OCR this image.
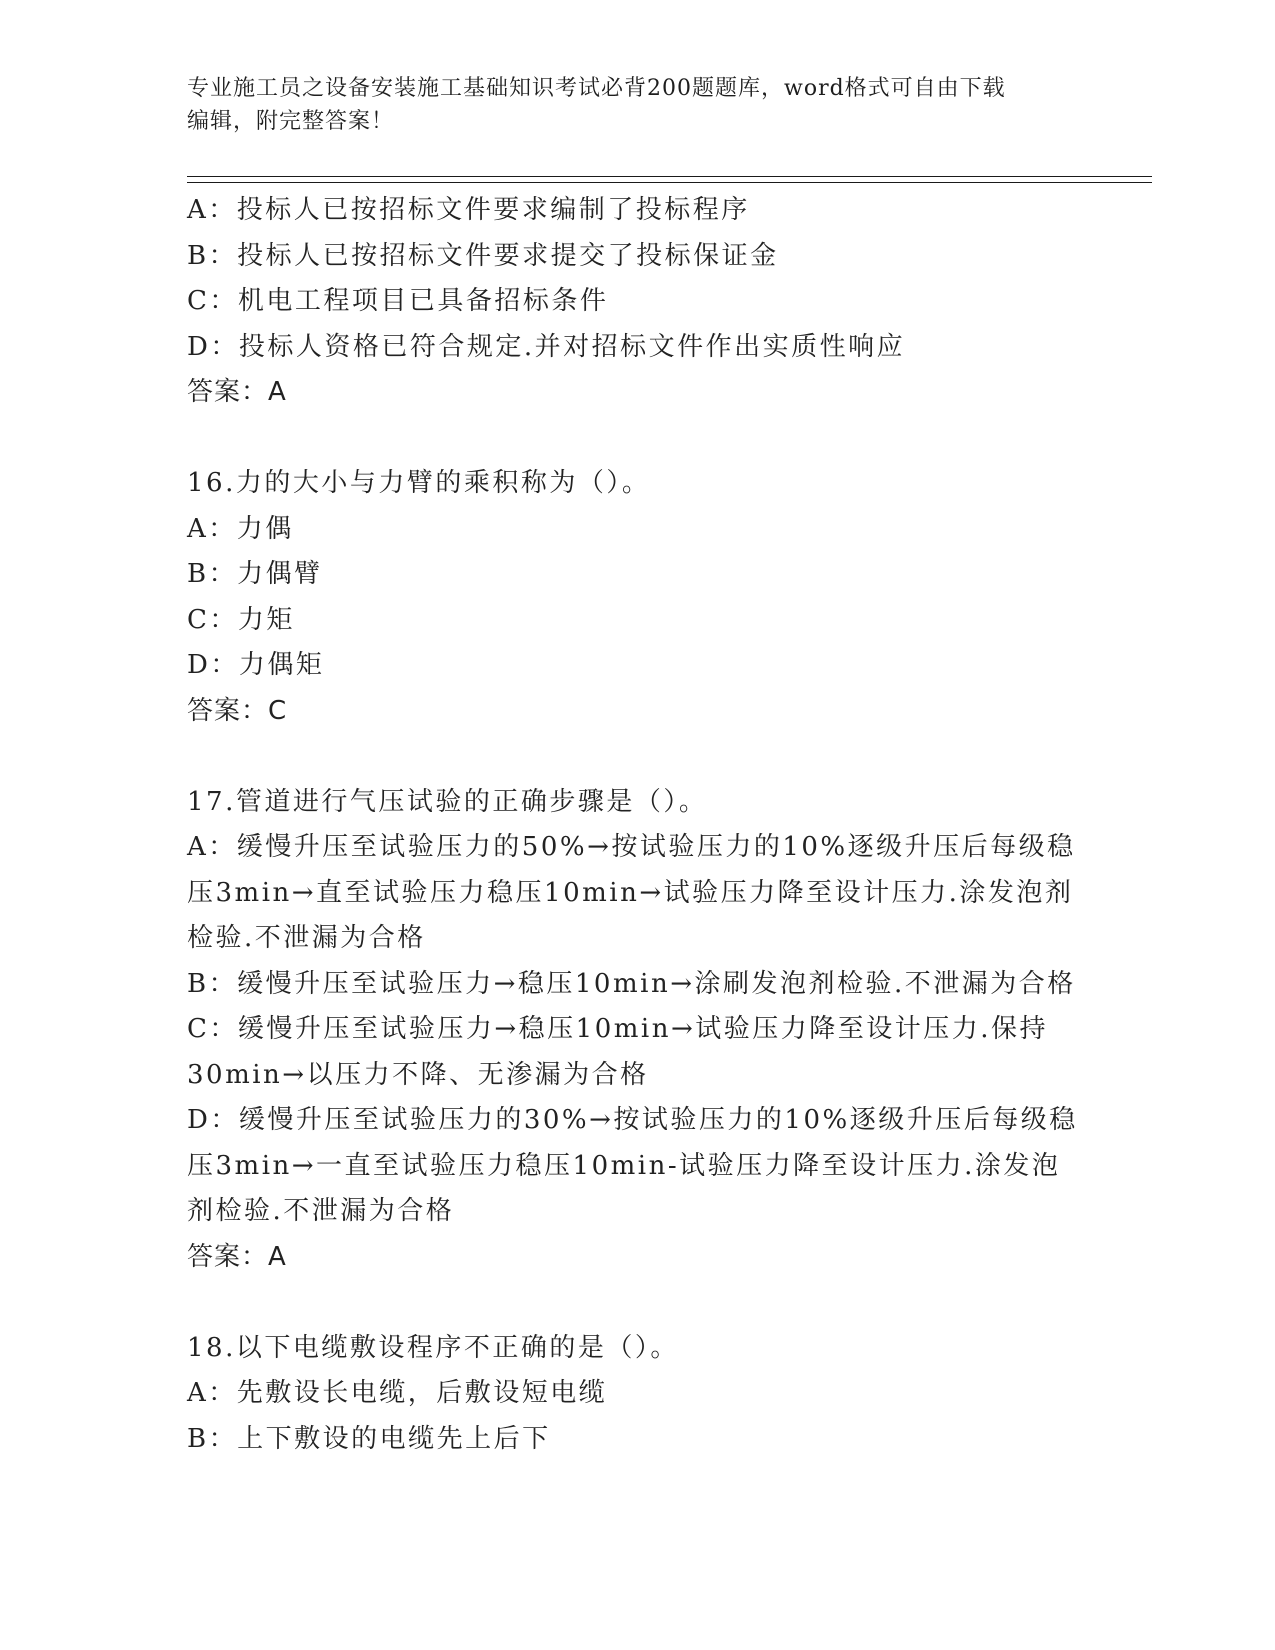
专业施工员之设备安装施工基础知识考试必背200题题库，word格式可自由下载
编辑，附完整答案！
A：投标人已按招标文件要求编制了投标程序
B：投标人已按招标文件要求提交了投标保证金
C：机电工程项目已具备招标条件
D：投标人资格已符合规定.并对招标文件作出实质性响应
答案：A
16.力的大小与力臂的乘积称为（）。
A：力偶
B：力偶臂
C：力矩
D：力偶矩
答案：C
17.管道进行气压试验的正确步骤是（）。
A：缓慢升压至试验压力的50%→按试验压力的10%逐级升压后每级稳
压3min→直至试验压力稳压10min→试验压力降至设计压力.涂发泡剂
检验.不泄漏为合格
B：缓慢升压至试验压力→稳压10min→涂刷发泡剂检验.不泄漏为合格
C：缓慢升压至试验压力→稳压10min→试验压力降至设计压力.保持
30min→以压力不降、无渗漏为合格
D：缓慢升压至试验压力的30%→按试验压力的10%逐级升压后每级稳
压3min→一直至试验压力稳压10min-试验压力降至设计压力.涂发泡
剂检验.不泄漏为合格
答案：A
18.以下电缆敷设程序不正确的是（）。
A：先敷设长电缆，后敷设短电缆
B：上下敷设的电缆先上后下
